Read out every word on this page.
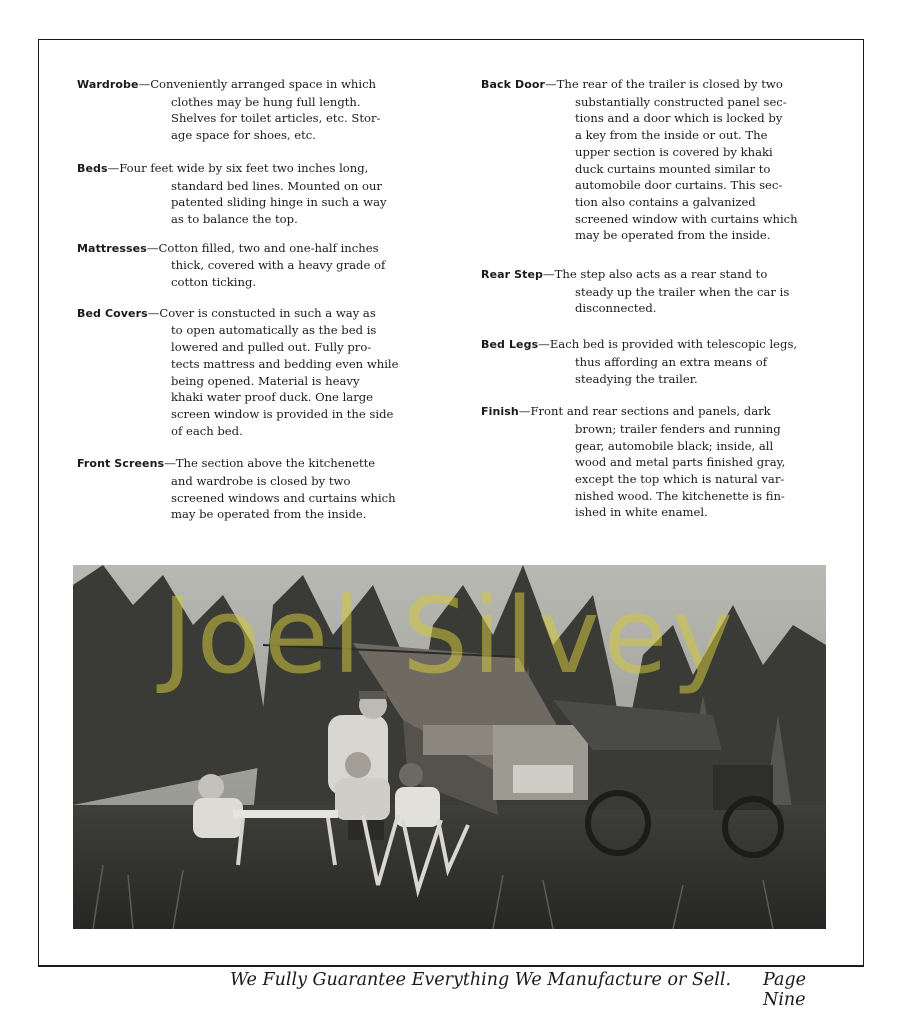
Wardrobe—Conveniently arranged space in which

clothes may be hung full length.
Shelves for toilet articles, etc. Stor-
age space for shoes, etc.

Beds—Four feet wide by six feet two inches long,

standard bed lines. Mounted on our
patented sliding hinge in such a way
as to balance the top.

Mattresses—Cotton filled, two and one-half inches

thick, covered with a heavy grade of
cotton ticking.

Bed Covers—Cover is constucted in such a way as

to open automatically as the bed is
lowered and pulled out. Fully pro-
tects mattress and bedding even while
being opened. Material is heavy
khaki water proof duck. One large
screen window is provided in the side
of each bed.

Front Screens—The section above the kitchenette

and wardrobe is closed by two
screened windows and curtains which
may be operated from the inside.

Back Door—The rear of the trailer is closed by two

substantially constructed panel sec-
tions and a door which is locked by
a key from the inside or out. The
upper section is covered by khaki
duck curtains mounted similar to
automobile door curtains. This sec-
tion also contains a galvanized
screened window with curtains which
may be operated from the inside.

Rear Step—The step also acts as a rear stand to

steady up the trailer when the car is
disconnected.

Bed Legs—Each bed is provided with telescopic legs,

thus affording an extra means of
steadying the trailer.

Finish—Front and rear sections and panels, dark

brown; trailer fenders and running
gear, automobile black; inside, all
wood and metal parts finished gray,
except the top which is natural var-
nished wood. The kitchenette is fin-
ished in white enamel.

Joel Silvey
We Fully Guarantee Everything We Manufacture or Sell. Page Nine
